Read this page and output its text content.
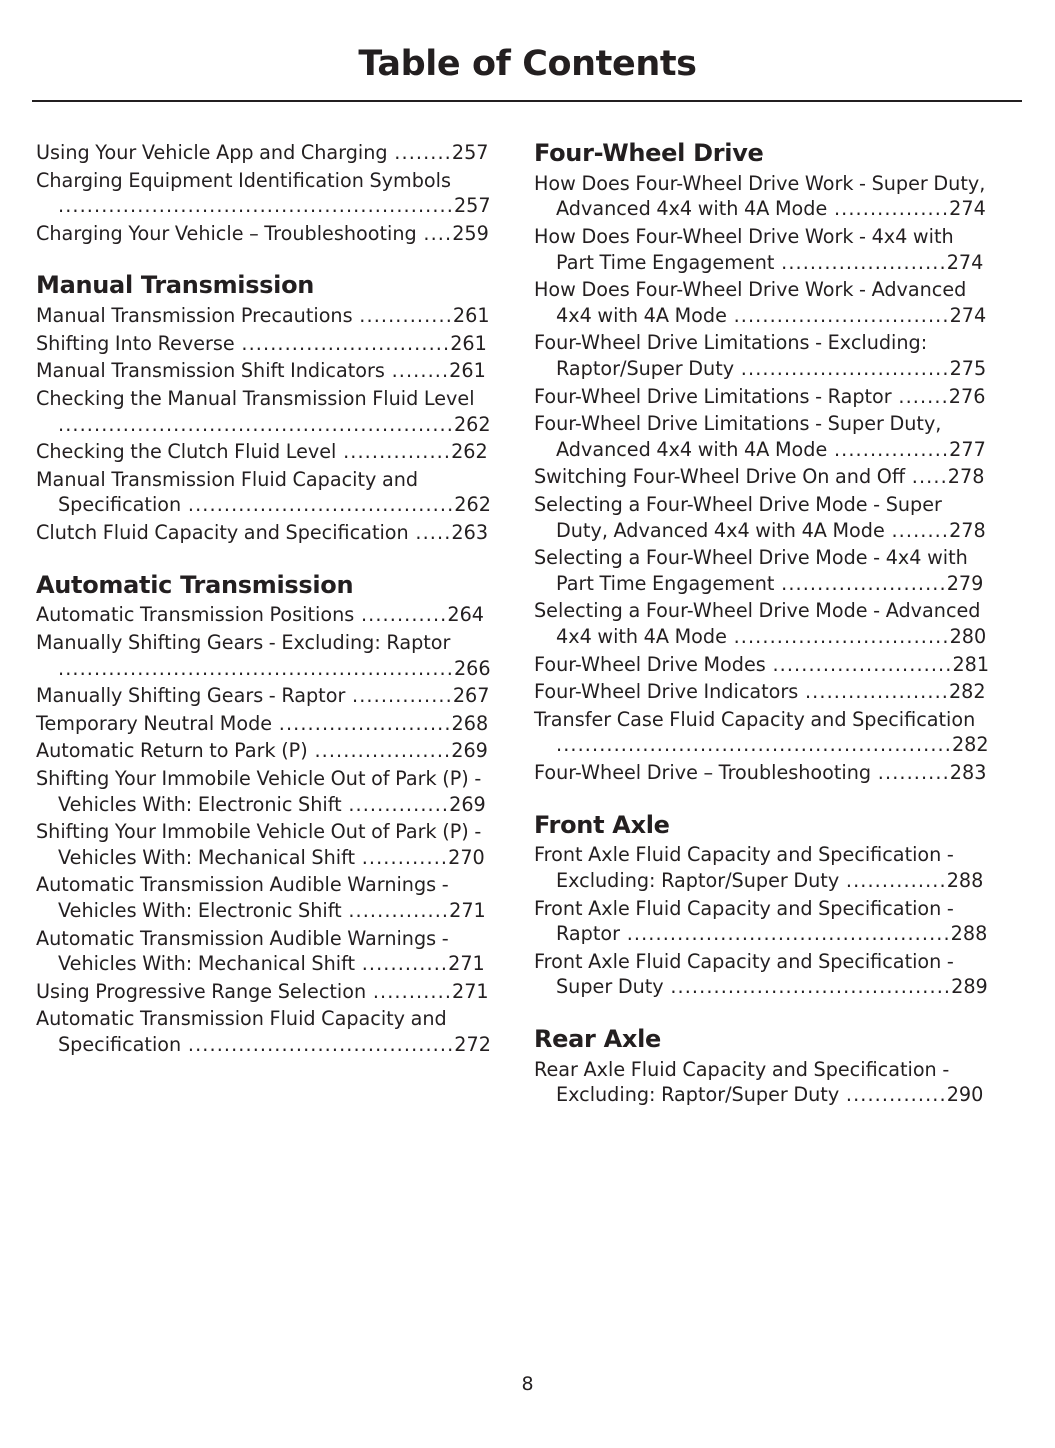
Table of Contents
Using Your Vehicle App and Charging ........257
Charging Equipment Identification Symbols
.......................................................257
Charging Your Vehicle – Troubleshooting ....259
Manual Transmission
Manual Transmission Precautions .............261
Shifting Into Reverse .............................261
Manual Transmission Shift Indicators ........261
Checking the Manual Transmission Fluid Level
.......................................................262
Checking the Clutch Fluid Level ...............262
Manual Transmission Fluid Capacity and Specification .....................................262
Clutch Fluid Capacity and Specification .....263
Automatic Transmission
Automatic Transmission Positions ............264
Manually Shifting Gears - Excluding: Raptor
.......................................................266
Manually Shifting Gears - Raptor ..............267
Temporary Neutral Mode ........................268
Automatic Return to Park (P) ...................269
Shifting Your Immobile Vehicle Out of Park (P) - Vehicles With: Electronic Shift ..............269
Shifting Your Immobile Vehicle Out of Park (P) - Vehicles With: Mechanical Shift ............270
Automatic Transmission Audible Warnings - Vehicles With: Electronic Shift ..............271
Automatic Transmission Audible Warnings - Vehicles With: Mechanical Shift ............271
Using Progressive Range Selection ...........271
Automatic Transmission Fluid Capacity and Specification .....................................272
Four-Wheel Drive
How Does Four-Wheel Drive Work - Super Duty, Advanced 4x4 with 4A Mode ................274
How Does Four-Wheel Drive Work - 4x4 with Part Time Engagement .......................274
How Does Four-Wheel Drive Work - Advanced 4x4 with 4A Mode ..............................274
Four-Wheel Drive Limitations - Excluding: Raptor/Super Duty .............................275
Four-Wheel Drive Limitations - Raptor .......276
Four-Wheel Drive Limitations - Super Duty, Advanced 4x4 with 4A Mode ................277
Switching Four-Wheel Drive On and Off .....278
Selecting a Four-Wheel Drive Mode - Super Duty, Advanced 4x4 with 4A Mode ........278
Selecting a Four-Wheel Drive Mode - 4x4 with Part Time Engagement .......................279
Selecting a Four-Wheel Drive Mode - Advanced 4x4 with 4A Mode ..............................280
Four-Wheel Drive Modes .........................281
Four-Wheel Drive Indicators ....................282
Transfer Case Fluid Capacity and Specification
.......................................................282
Four-Wheel Drive – Troubleshooting ..........283
Front Axle
Front Axle Fluid Capacity and Specification - Excluding: Raptor/Super Duty ..............288
Front Axle Fluid Capacity and Specification - Raptor .............................................288
Front Axle Fluid Capacity and Specification - Super Duty .......................................289
Rear Axle
Rear Axle Fluid Capacity and Specification - Excluding: Raptor/Super Duty ..............290
8
